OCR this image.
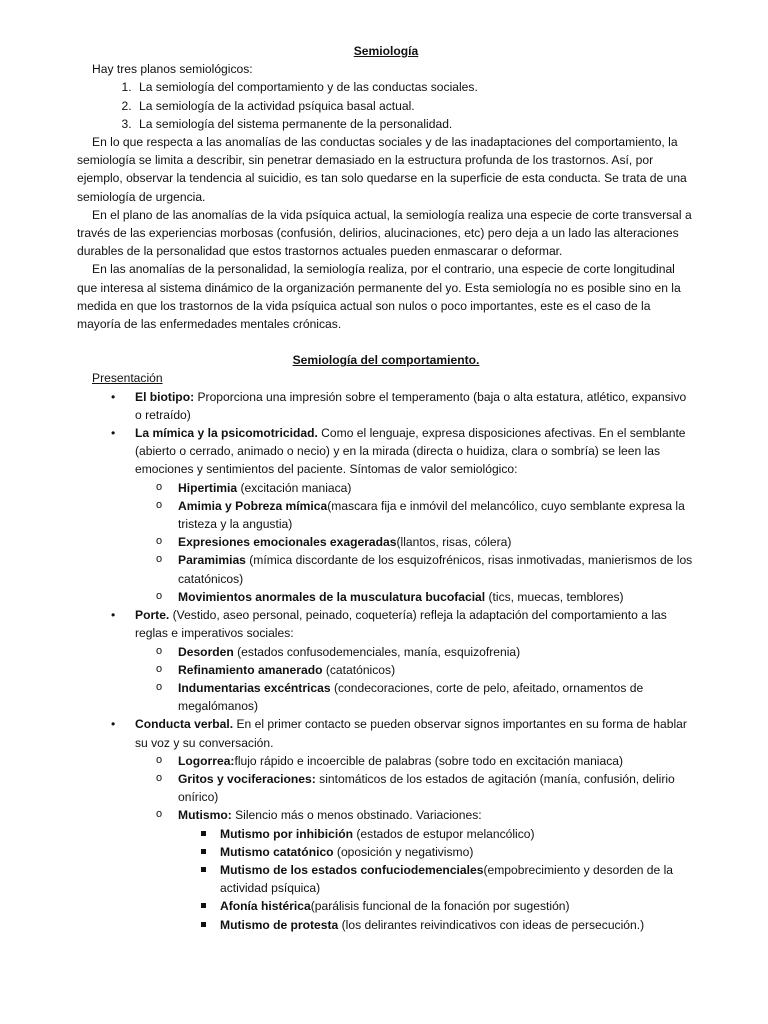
Semiología

Hay tres planos semiológicos:

1. La semiología del comportamiento y de las conductas sociales.
2. La semiología de la actividad psíquica basal actual.
3. La semiología del sistema permanente de la personalidad.

En lo que respecta a las anomalías de las conductas sociales y de las inadaptaciones del comportamiento, la semiología se limita a describir, sin penetrar demasiado en la estructura profunda de los trastornos. Así, por ejemplo, observar la tendencia al suicidio, es tan solo quedarse en la superficie de esta conducta. Se trata de una semiología de urgencia.

En el plano de las anomalías de la vida psíquica actual, la semiología realiza una especie de corte transversal a través de las experiencias morbosas (confusión, delirios, alucinaciones, etc) pero deja a un lado las alteraciones durables de la personalidad que estos trastornos actuales pueden enmascarar o deformar.

En las anomalías de la personalidad, la semiología realiza, por el contrario, una especie de corte longitudinal que interesa al sistema dinámico de la organización permanente del yo. Esta semiología no es posible sino en la medida en que los trastornos de la vida psíquica actual son nulos o poco importantes, este es el caso de la mayoría de las enfermedades mentales crónicas.

Semiología del comportamiento.

Presentación

• El biotipo: Proporciona una impresión sobre el temperamento (baja o alta estatura, atlético, expansivo o retraído)
• La mímica y la psicomotricidad. Como el lenguaje, expresa disposiciones afectivas. En el semblante (abierto o cerrado, animado o necio) y en la mirada (directa o huidiza, clara o sombría) se leen las emociones y sentimientos del paciente. Síntomas de valor semiológico:
o Hipertimia (excitación maniaca)
o Amimia y Pobreza mímica(mascara fija e inmóvil del melancólico, cuyo semblante expresa la tristeza y la angustia)
o Expresiones emocionales exageradas(llantos, risas, cólera)
o Paramimias (mímica discordante de los esquizofrénicos, risas inmotivadas, manierismos de los catatónicos)
o Movimientos anormales de la musculatura bucofacial (tics, muecas, temblores)
• Porte. (Vestido, aseo personal, peinado, coquetería) refleja la adaptación del comportamiento a las reglas e imperativos sociales:
o Desorden (estados confusodemenciales, manía, esquizofrenia)
o Refinamiento amanerado (catatónicos)
o Indumentarias excéntricas (condecoraciones, corte de pelo, afeitado, ornamentos de megalómanos)
• Conducta verbal. En el primer contacto se pueden observar signos importantes en su forma de hablar su voz y su conversación.
o Logorrea:flujo rápido e incoercible de palabras (sobre todo en excitación maniaca)
o Gritos y vociferaciones: sintomáticos de los estados de agitación (manía, confusión, delirio onírico)
o Mutismo: Silencio más o menos obstinado. Variaciones:
Mutismo por inhibición (estados de estupor melancólico)
Mutismo catatónico (oposición y negativismo)
Mutismo de los estados confuciodemenciales(empobrecimiento y desorden de la actividad psíquica)
Afonía histérica(parálisis funcional de la fonación por sugestión)
Mutismo de protesta (los delirantes reivindicativos con ideas de persecución.)
